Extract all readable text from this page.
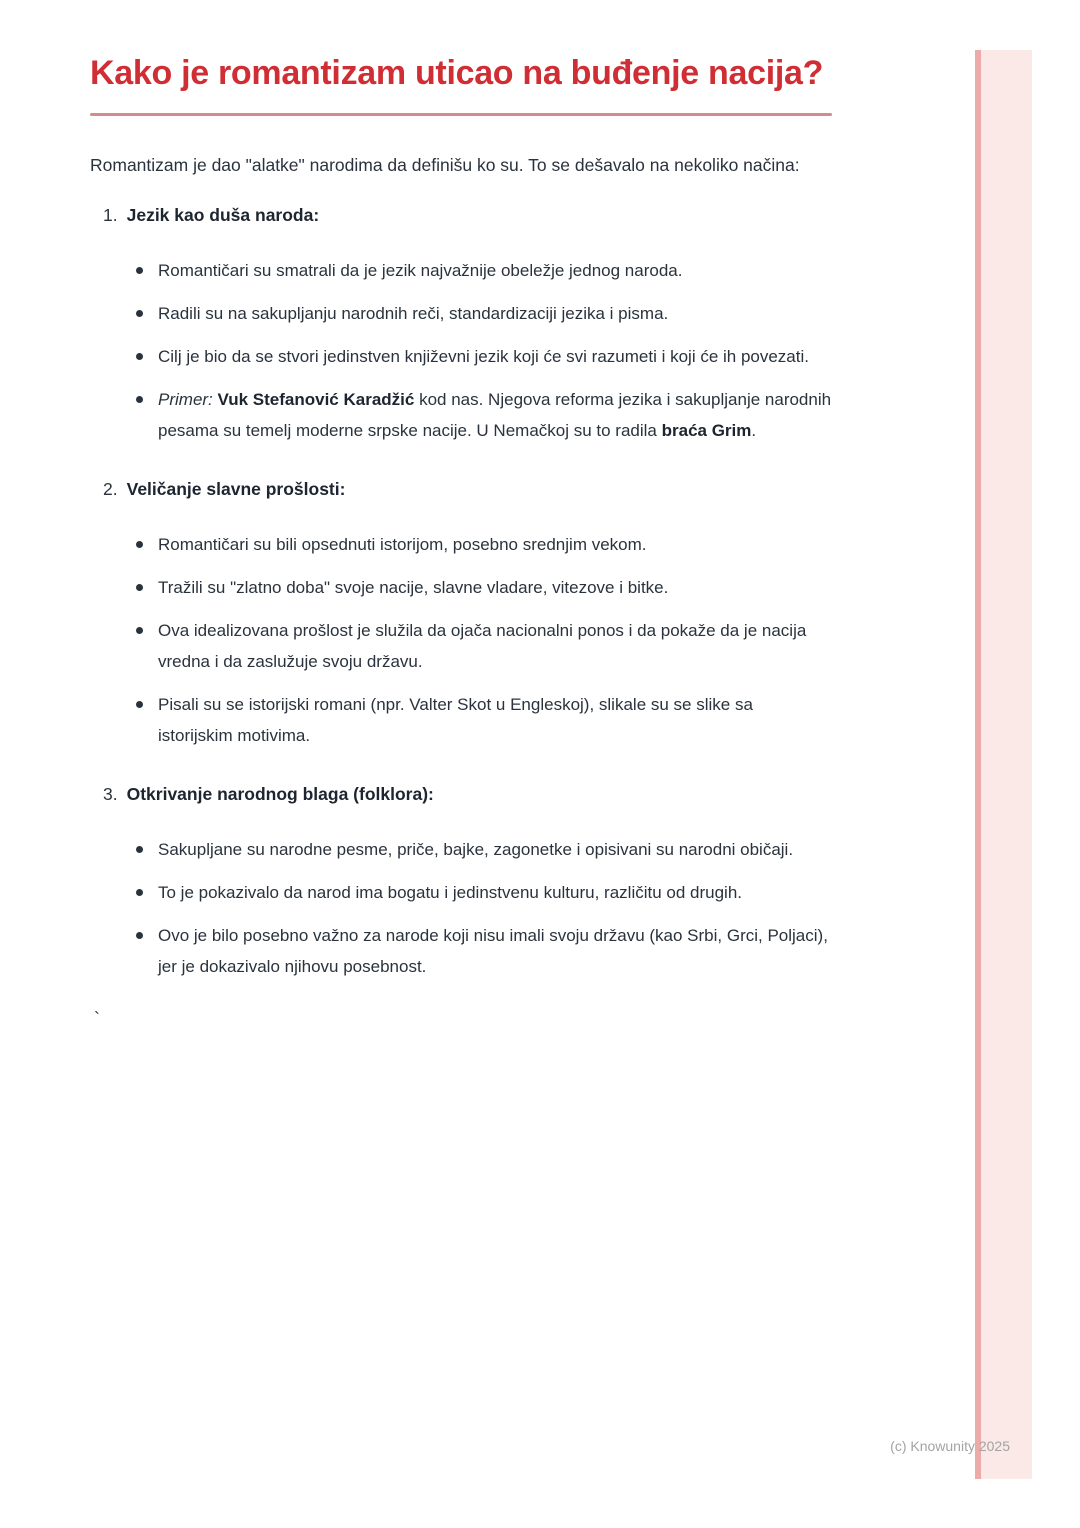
Kako je romantizam uticao na buđenje nacija?

Romantizam je dao "alatke" narodima da definišu ko su. To se dešavalo na nekoliko načina:

1. Jezik kao duša naroda:
Romantičari su smatrali da je jezik najvažnije obeležje jednog naroda.
Radili su na sakupljanju narodnih reči, standardizaciji jezika i pisma.
Cilj je bio da se stvori jedinstven književni jezik koji će svi razumeti i koji će ih povezati.
Primer: Vuk Stefanović Karadžić kod nas. Njegova reforma jezika i sakupljanje narodnih pesama su temelj moderne srpske nacije. U Nemačkoj su to radila braća Grim.
2. Veličanje slavne prošlosti:
Romantičari su bili opsednuti istorijom, posebno srednjim vekom.
Tražili su "zlatno doba" svoje nacije, slavne vladare, vitezove i bitke.
Ova idealizovana prošlost je služila da ojača nacionalni ponos i da pokaže da je nacija vredna i da zaslužuje svoju državu.
Pisali su se istorijski romani (npr. Valter Skot u Engleskoj), slikale su se slike sa istorijskim motivima.
3. Otkrivanje narodnog blaga (folklora):
Sakupljane su narodne pesme, priče, bajke, zagonetke i opisivani su narodni običaji.
To je pokazivalo da narod ima bogatu i jedinstvenu kulturu, različitu od drugih.
Ovo je bilo posebno važno za narode koji nisu imali svoju državu (kao Srbi, Grci, Poljaci), jer je dokazivalo njihovu posebnost.
`
(c) Knowunity 2025
